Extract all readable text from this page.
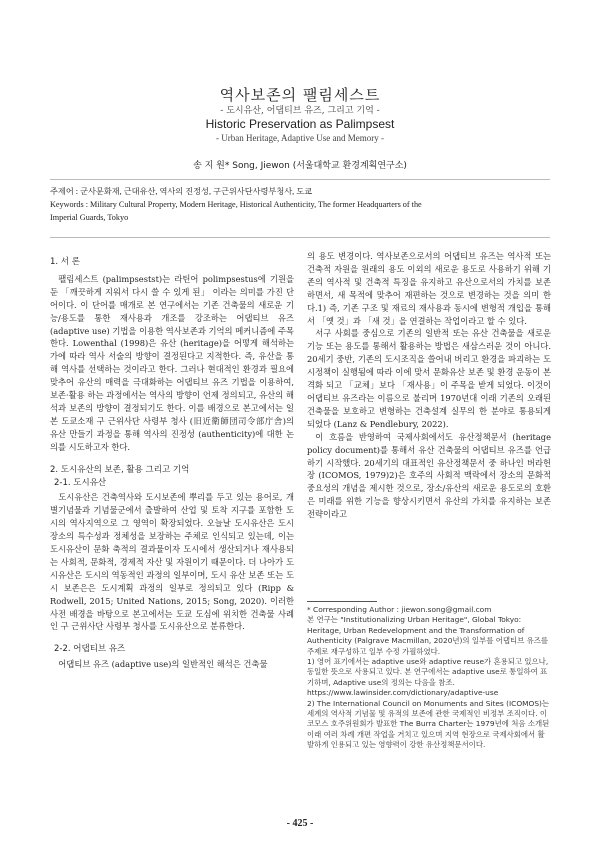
역사보존의 팰림세스트
- 도시유산, 어댑티브 유즈, 그리고 기억 -
Historic Preservation as Palimpsest
- Urban Heritage, Adaptive Use and Memory -
송 지 원* Song, Jiewon (서울대학교 환경계획연구소)
주제어 : 군사문화재, 근대유산, 역사의 진정성, 구근위사단사령부청사, 도쿄
Keywords : Military Cultural Property, Modern Heritage, Historical Authenticity, The former Headquarters of the
Imperial Guards, Tokyo
1. 서 론

팰림세스트 (palimpsestst)는 라틴어 polimpsestus에 기원을 둔 「깨끗하게 지워서 다시 쓸 수 있게 된」 이라는 의미를 가진 단어이다. 이 단어를 매개로 본 연구에서는 기존 건축물의 새로운 기능/용도를 통한 재사용과 개조를 강조하는 어댑티브 유즈 (adaptive use) 기법을 이용한 역사보존과 기억의 메커니즘에 주목한다. Lowenthal (1998)은 유산 (heritage)을 어떻게 해석하는가에 따라 역사 서술의 방향이 결정된다고 지적한다. 즉, 유산을 통해 역사를 선택하는 것이라고 한다. 그러나 현대적인 환경과 필요에 맞추어 유산의 매력을 극대화하는 어댑티브 유즈 기법을 이용하여, 보존·활용 하는 과정에서는 역사의 방향이 언제 정의되고, 유산의 해석과 보존의 방향이 결정되기도 한다. 이를 배경으로 본고에서는 일본 도쿄소재 구 근위사단 사령부 청사 (旧近衛師団司令部庁舎)의 유산 만들기 과정을 통해 역사의 진정성 (authenticity)에 대한 논의를 시도하고자 한다.

2. 도시유산의 보존, 활용 그리고 기억
2-1. 도시유산

도시유산은 건축역사와 도시보존에 뿌리를 두고 있는 용어로, 개별기념물과 기념물군에서 출발하여 산업 및 토착 지구를 포함한 도시의 역사지역으로 그 영역이 확장되었다. 오늘날 도시유산은 도시장소의 특수성과 정체성을 보장하는 주체로 인식되고 있는데, 이는 도시유산이 문화 축적의 결과물이자 도시에서 생산되거나 재사용되는 사회적, 문화적, 경제적 자산 및 자원이기 때문이다. 더 나아가 도시유산은 도시의 역동적인 과정의 일부이며, 도시 유산 보존 또는 도시 보존은은 도시계획 과정의 일부로 정의되고 있다 (Ripp & Rodwell, 2015; United Nations, 2015; Song, 2020). 이러한 사전 배경을 바탕으로 본고에서는 도쿄 도심에 위치한 건축물 사례인 구 근위사단 사령부 청사를 도시유산으로 분류한다.

2-2. 어댑티브 유즈

어댑티브 유즈 (adaptive use)의 일반적인 해석은 건축물

의 용도 변경이다. 역사보존으로서의 어댑티브 유즈는 역사적 또는 건축적 자원을 원래의 용도 이외의 새로운 용도로 사용하기 위해 기존의 역사적 및 건축적 특징을 유지하고 유산으로서의 가치를 보존하면서, 새 목적에 맞추어 재편하는 것으로 변경하는 것을 의미 한다.1) 즉, 기존 구조 및 재료의 재사용과 동시에 변형적 개입을 통해서 「옛 것」과 「새 것」을 연결하는 작업이라고 할 수 있다.

서구 사회를 중심으로 기존의 일반적 또는 유산 건축물을 새로운 기능 또는 용도를 통해서 활용하는 방법은 새삼스러운 것이 아니다. 20세기 중반, 기존의 도시조직을 쓸어내 버리고 환경을 파괴하는 도시정책이 실행됨에 따라 이에 맞서 문화유산 보존 및 환경 운동이 본격화 되고 「교체」보다 「재사용」이 주목을 받게 되었다. 이것이 어댑티브 유즈라는 이름으로 불리며 1970년대 이래 기존의 오래된 건축물을 보호하고 변형하는 건축설계 실무의 한 분야로 통용되게 되었다 (Lanz & Pendlebury, 2022).

이 흐름을 반영하여 국제사회에서도 유산정책문서 (heritage policy document)를 통해서 유산 건축물의 어댑티브 유즈를 언급하기 시작했다. 20세기의 대표적인 유산정책문서 중 하나인 버라헌장 (ICOMOS, 1979)2)은 호주의 사회적 맥락에서 장소의 문화적 중요성의 개념을 제시한 것으로, 장소/유산의 새로운 용도로의 호환은 미래를 위한 기능을 향상시키면서 유산의 가치를 유지하는 보존 전략이라고

* Corresponding Author : jiewon.song@gmail.com

본 연구는 "Institutionalizing Urban Heritage", Global Tokyo: Heritage, Urban Redevelopment and the Transformation of Authenticity (Palgrave Macmillan, 2020년)의 일부를 어댑티브 유즈를 주제로 재구성하고 일부 수정 가필하였다.

1) 영어 표기에서는 adaptive use와 adaptive reuse가 혼용되고 있으나, 동일한 뜻으로 사용되고 있다. 본 연구에서는 adaptive use로 통일하여 표기하며, Adaptive use의 정의는 다음을 참조.

https://www.lawinsider.com/dictionary/adaptive-use

2) The International Council on Monuments and Sites (ICOMOS)는 세계의 역사적 기념물 및 유적의 보존에 관한 국제적인 비정부 조직이다. 이코모스 호주위원회가 발표한 The Burra Charter는 1979년에 처음 소개된 이래 여러 차례 개편 작업을 거치고 있으며 지역 현장으로 국제사회에서 활발하게 인용되고 있는 영향력이 강한 유산정책문서이다.

- 425 -
